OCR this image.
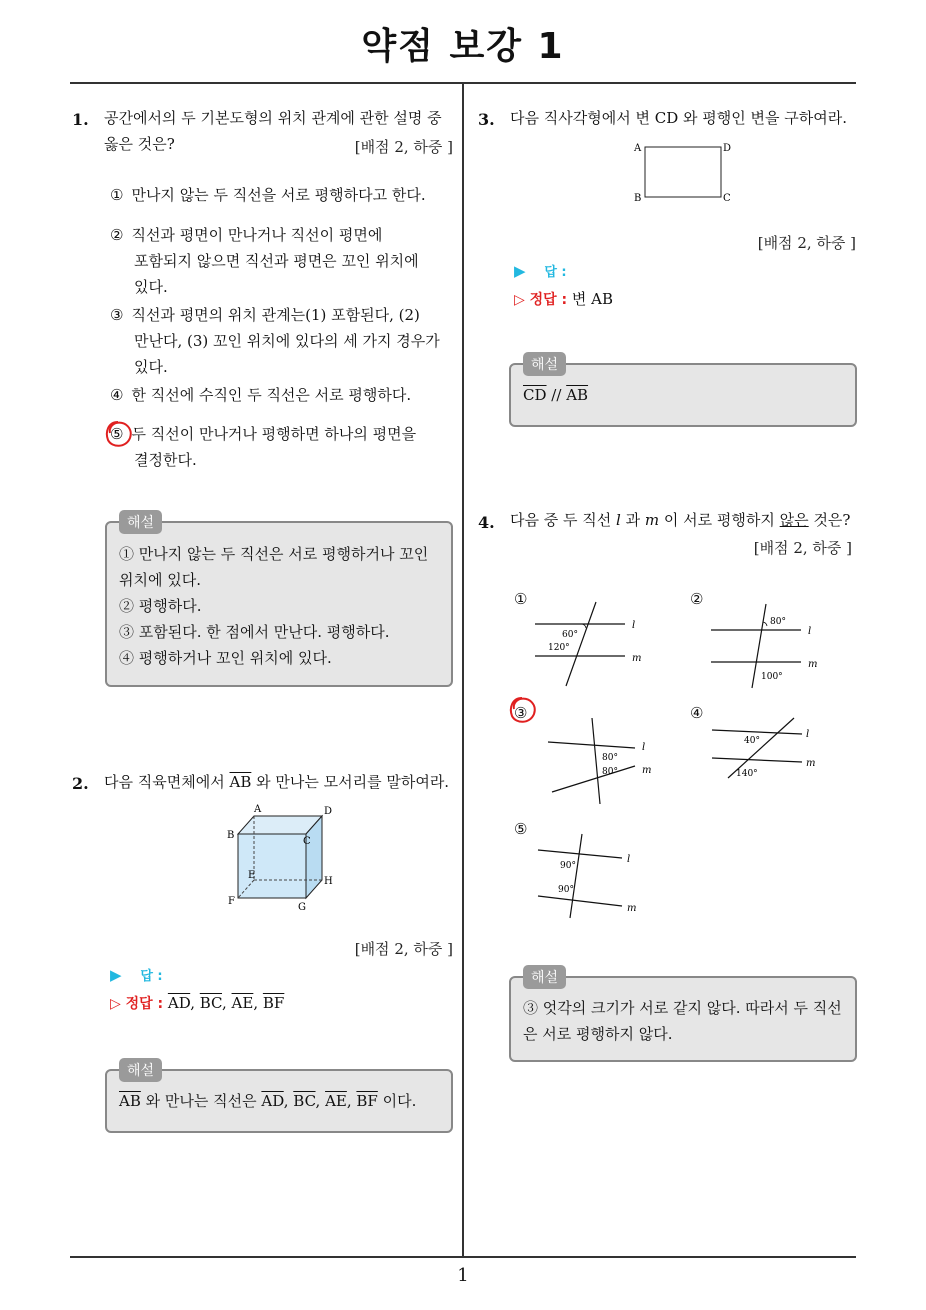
약점 보강 1
1
1. 공간에서의 두 기본도형의 위치 관계에 관한 설명 중
옳은 것은?	[배점 2, 하중 ]
① 만나지 않는 두 직선을 서로 평행하다고 한다.
② 직선과 평면이 만나거나 직선이 평면에
포함되지 않으면 직선과 평면은 꼬인 위치에
있다.
③ 직선과 평면의 위치 관계는(1) 포함된다, (2)
만난다, (3) 꼬인 위치에 있다의 세 가지 경우가
있다.
④ 한 직선에 수직인 두 직선은 서로 평행하다.
⑤ 두 직선이 만나거나 평행하면 하나의 평면을
결정한다.
해설
① 만나지 않는 두 직선은 서로 평행하거나 꼬인
위치에 있다.
② 평행하다.
③ 포함된다. 한 점에서 만난다. 평행하다.
④ 평행하거나 꼬인 위치에 있다.
2. 다음 직육면체에서 $\overline{AB}$ 와 만나는 모서리를 말하여라.
A
B
C
D
E
F
G
H
[배점 2, 하중 ]
▶ 답 :
▷ 정답 : $\overline{AD}$, $\overline{BC}$, $\overline{AE}$, $\overline{BF}$
해설
$\overline{AB}$ 와 만나는 직선은 $\overline{AD}$, $\overline{BC}$, $\overline{AE}$, $\overline{BF}$ 이다.
3. 다음 직사각형에서 변 CD 와 평행인 변을 구하여라.
A	D
B	C
[배점 2, 하중 ]
▶ 답 :
▷ 정답 : 변 AB
해설
$\overline{CD} // \overline{AB}$
4. 다음 중 두 직선 l 과 m 이 서로 평행하지 않은 것은?
[배점 2, 하중 ]
①
60°
120°
l
m
②
80°
100°
l
m
③
80°
80°
l
m
④
40°
140°
l
m
⑤
90°
90°
l
m
해설
③ 엇각의 크기가 서로 같지 않다. 따라서 두 직선
은 서로 평행하지 않다.
